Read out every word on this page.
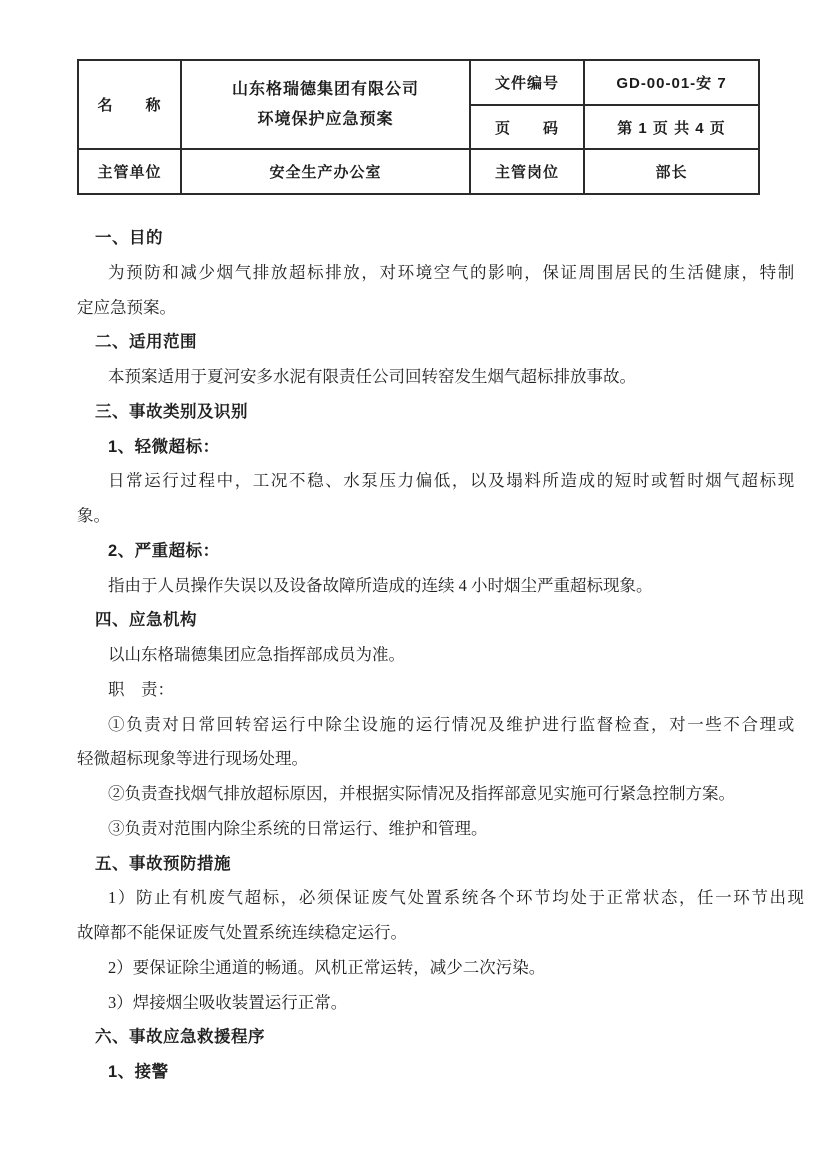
名　　称	山东格瑞德集团有限公司
环境保护应急预案	文件编号	GD-00-01-安 7
		页　　码	第 1 页 共 4 页
主管单位	安全生产办公室	主管岗位	部长
一、目的
为预防和减少烟气排放超标排放，对环境空气的影响，保证周围居民的生活健康，特制
定应急预案。
二、适用范围
本预案适用于夏河安多水泥有限责任公司回转窑发生烟气超标排放事故。
三、事故类别及识别
1、轻微超标：
日常运行过程中，工况不稳、水泵压力偏低，以及塌料所造成的短时或暂时烟气超标现
象。
2、严重超标：
指由于人员操作失误以及设备故障所造成的连续 4 小时烟尘严重超标现象。
四、应急机构
以山东格瑞德集团应急指挥部成员为准。
职　责：
①负责对日常回转窑运行中除尘设施的运行情况及维护进行监督检查，对一些不合理或
轻微超标现象等进行现场处理。
②负责查找烟气排放超标原因，并根据实际情况及指挥部意见实施可行紧急控制方案。
③负责对范围内除尘系统的日常运行、维护和管理。
五、事故预防措施
1）防止有机废气超标，必须保证废气处置系统各个环节均处于正常状态，任一环节出现
故障都不能保证废气处置系统连续稳定运行。
2）要保证除尘通道的畅通。风机正常运转，减少二次污染。
3）焊接烟尘吸收装置运行正常。
六、事故应急救援程序
1、接警
